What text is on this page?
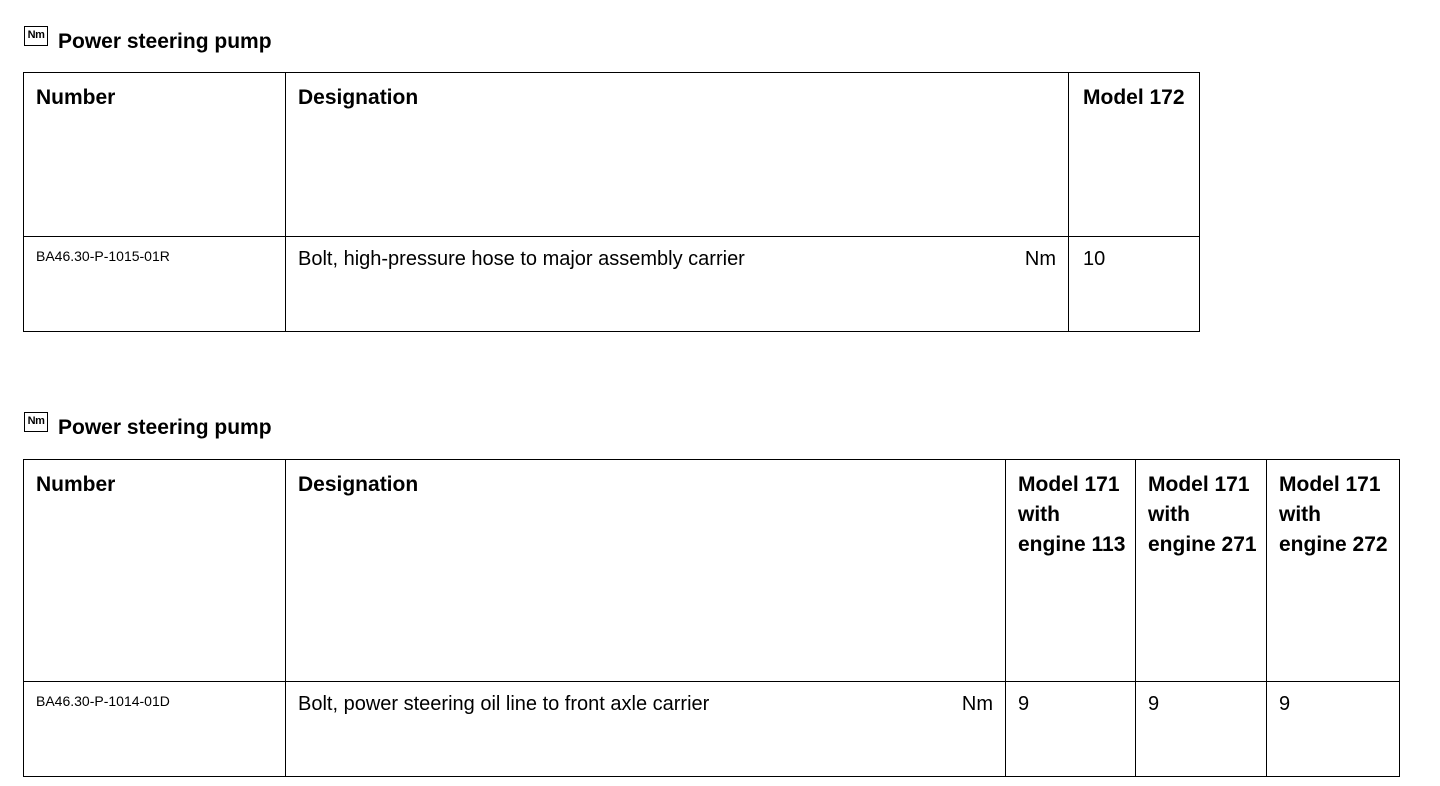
Nm Power steering pump
Number	Designation	Model 172
BA46.30-P-1015-01R	Bolt, high-pressure hose to major assembly carrier Nm	10
Nm Power steering pump
Number	Designation	Model 171 with engine 113	Model 171 with engine 271	Model 171 with engine 272
BA46.30-P-1014-01D	Bolt, power steering oil line to front axle carrier Nm	9	9	9
